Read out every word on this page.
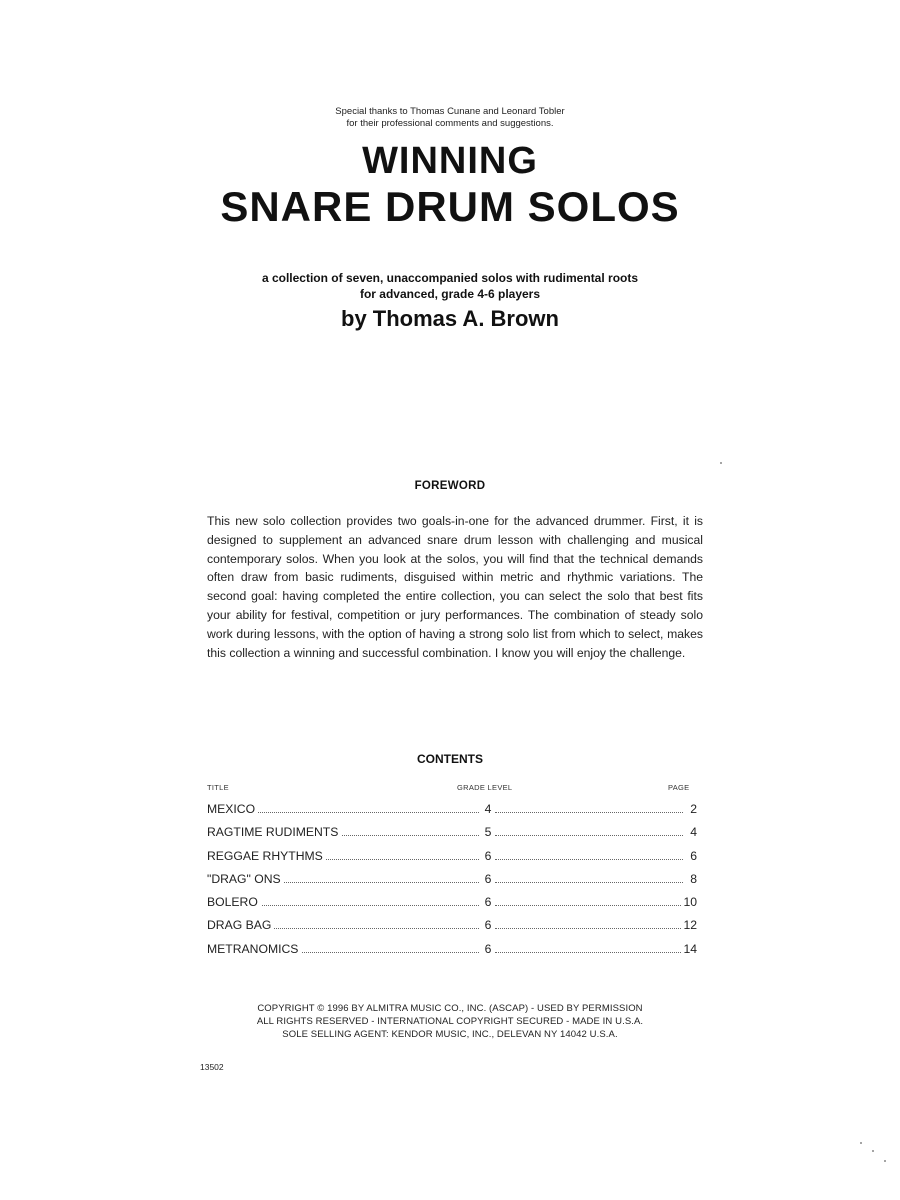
Special thanks to Thomas Cunane and Leonard Tobler
for their professional comments and suggestions.
WINNING
SNARE DRUM SOLOS
a collection of seven, unaccompanied solos with rudimental roots
for advanced, grade 4-6 players
by Thomas A. Brown
FOREWORD
This new solo collection provides two goals-in-one for the advanced drummer. First, it is designed to supplement an advanced snare drum lesson with challenging and musical contemporary solos. When you look at the solos, you will find that the technical demands often draw from basic rudiments, disguised within metric and rhythmic variations. The second goal: having completed the entire collection, you can select the solo that best fits your ability for festival, competition or jury performances. The combination of steady solo work during lessons, with the option of having a strong solo list from which to select, makes this collection a winning and successful combination. I know you will enjoy the challenge.
CONTENTS
TITLE	GRADE LEVEL	PAGE
MEXICO	4	2
RAGTIME RUDIMENTS	5	4
REGGAE RHYTHMS	6	6
"DRAG" ONS	6	8
BOLERO	6	10
DRAG BAG	6	12
METRANOMICS	6	14
COPYRIGHT © 1996 BY ALMITRA MUSIC CO., INC. (ASCAP) - USED BY PERMISSION
ALL RIGHTS RESERVED - INTERNATIONAL COPYRIGHT SECURED - MADE IN U.S.A.
SOLE SELLING AGENT: KENDOR MUSIC, INC., DELEVAN NY 14042 U.S.A.
13502
